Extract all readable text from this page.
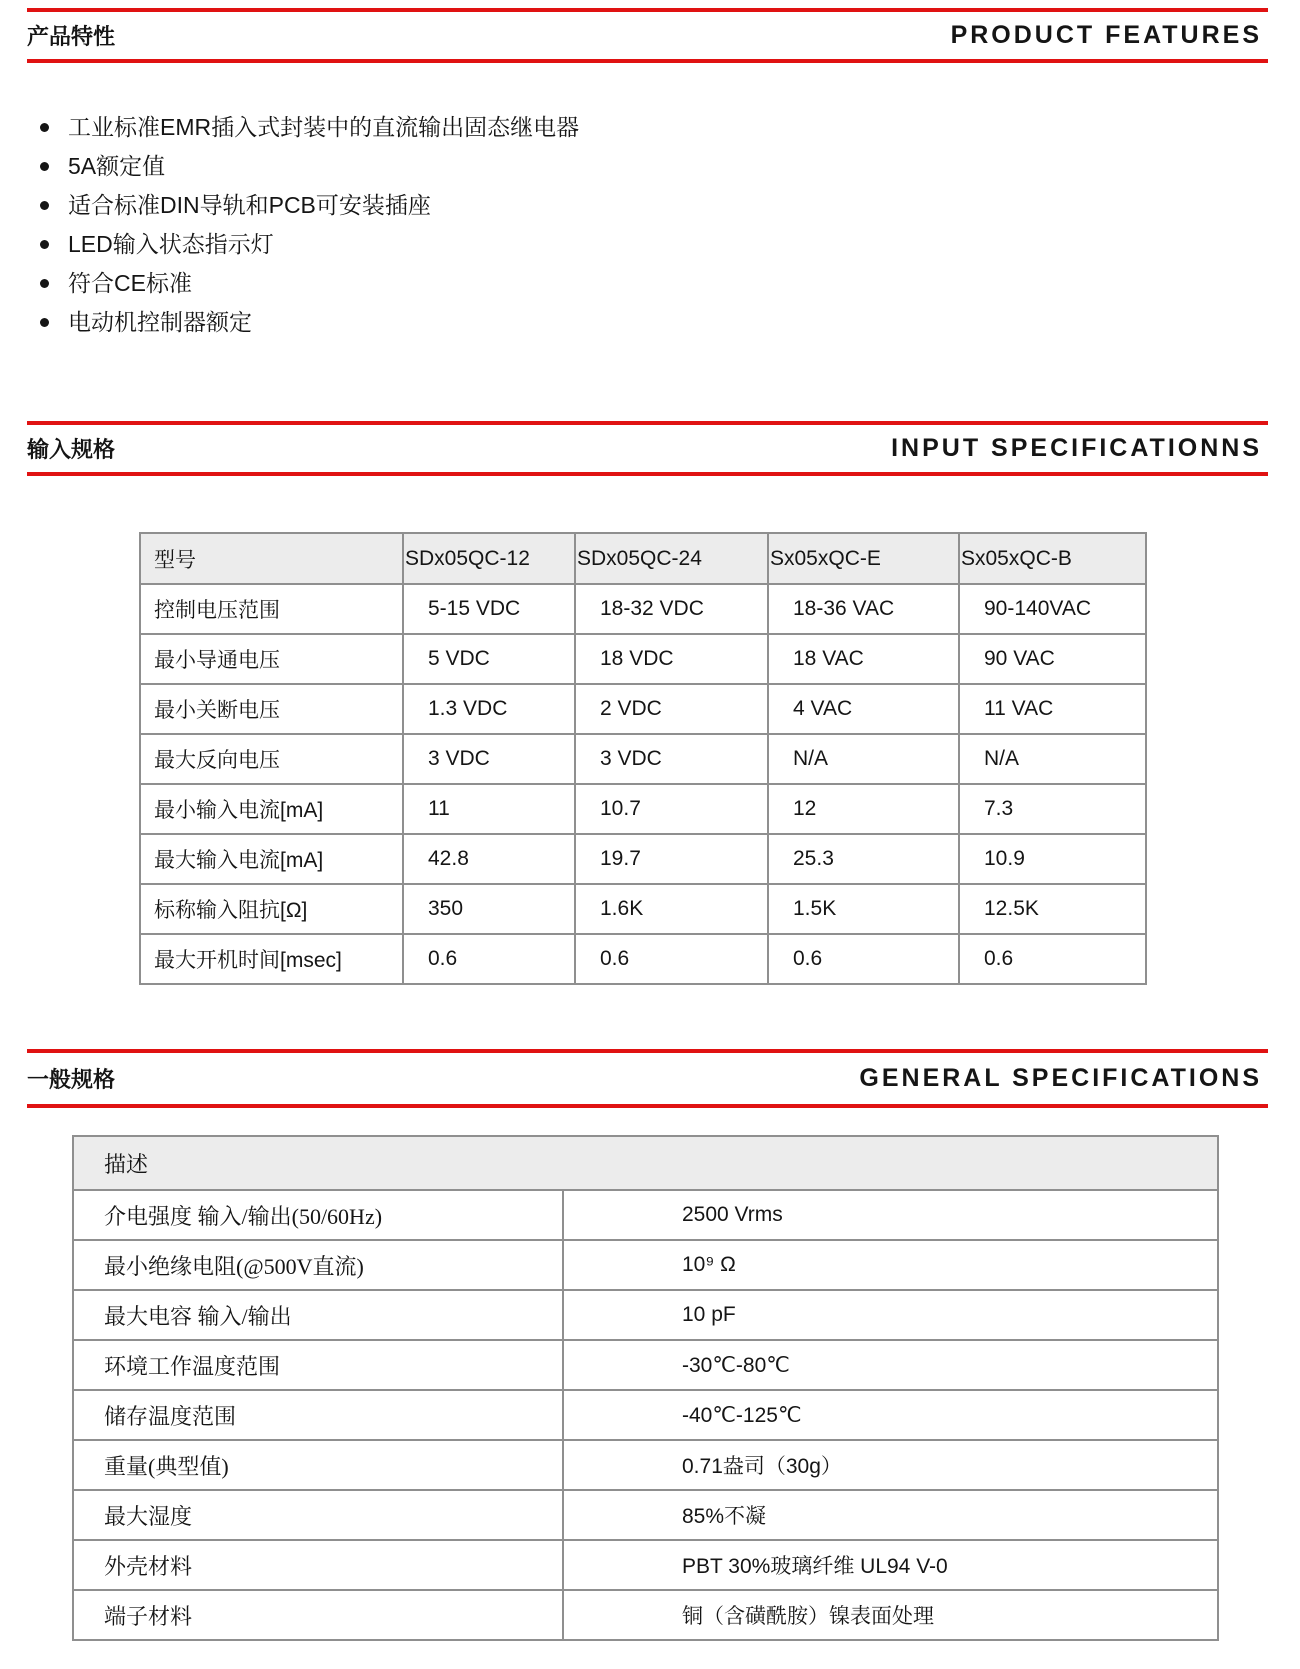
产品特性	PRODUCT FEATURES
工业标准EMR插入式封装中的直流输出固态继电器
5A额定值
适合标准DIN导轨和PCB可安装插座
LED输入状态指示灯
符合CE标准
电动机控制器额定
输入规格	INPUT SPECIFICATIONNS
型号	SDx05QC-12	SDx05QC-24	Sx05xQC-E	Sx05xQC-B
控制电压范围	5-15 VDC	18-32 VDC	18-36 VAC	90-140VAC
最小导通电压	5 VDC	18 VDC	18 VAC	90 VAC
最小关断电压	1.3 VDC	2 VDC	4 VAC	11 VAC
最大反向电压	3 VDC	3 VDC	N/A	N/A
最小输入电流[mA]	11	10.7	12	7.3
最大输入电流[mA]	42.8	19.7	25.3	10.9
标称输入阻抗[Ω]	350	1.6K	1.5K	12.5K
最大开机时间[msec]	0.6	0.6	0.6	0.6
一般规格	GENERAL SPECIFICATIONS
描述	
介电强度 输入/输出(50/60Hz)	2500 Vrms
最小绝缘电阻(@500V直流)	10⁹ Ω
最大电容 输入/输出	10 pF
环境工作温度范围	-30℃-80℃
储存温度范围	-40℃-125℃
重量(典型值)	0.71盎司（30g）
最大湿度	85%不凝
外壳材料	PBT 30%玻璃纤维 UL94 V-0
端子材料	铜（含磺酰胺）镍表面处理
